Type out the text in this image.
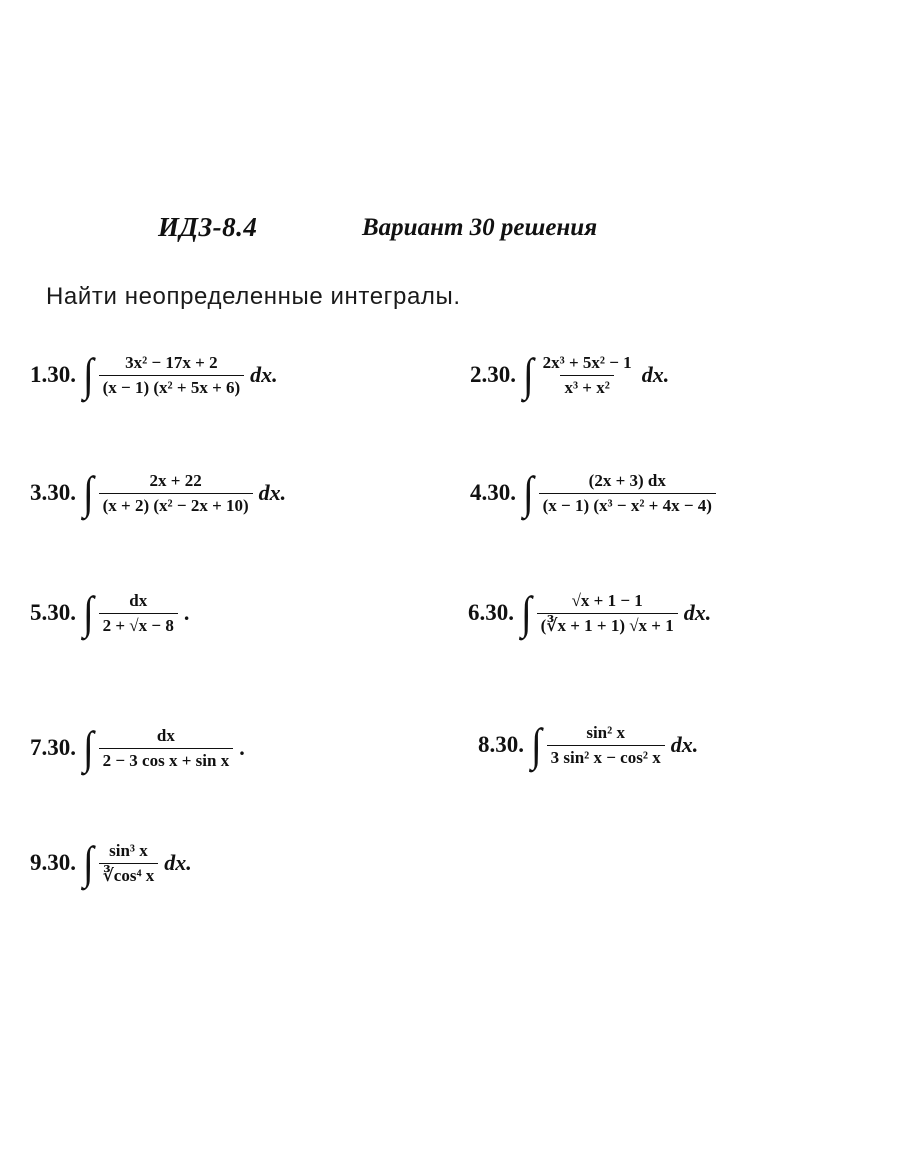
ИДЗ-8.4	Вариант 30 решения
Найти неопределенные интегралы.
1.30. ∫ $\frac{\text{3x² − 17x + 2}}{\text{(x − 1) (x² + 5x + 6)}}$ dx.	2.30. ∫ $\frac{\text{2x³ + 5x² − 1}}{\text{x³ + x²}}$ dx.
3.30. ∫ $\frac{2x + 22}{\text{(x + 2) (x² − 2x + 10)}}$ dx.	4.30. ∫ $\frac{(2x + 3) dx}{\text{(x − 1) (x³ − x² + 4x − 4)}}$
5.30. ∫ $\frac{dx}{2 + √x - 8}$ .	6.30. ∫ $\frac{√x + 1 - 1}{(∛x + 1 + 1) √x + 1}$ dx.
7.30. ∫ $\frac{dx}{\text{2 − 3 cos x + sin x}}$ .	8.30. ∫ $\frac{\text{sin² x}}{\text{3 sin² x − cos² x}}$ dx.
9.30. ∫ $\frac{\text{sin³ x}}{\text{∛cos⁴ x}}$ dx.
